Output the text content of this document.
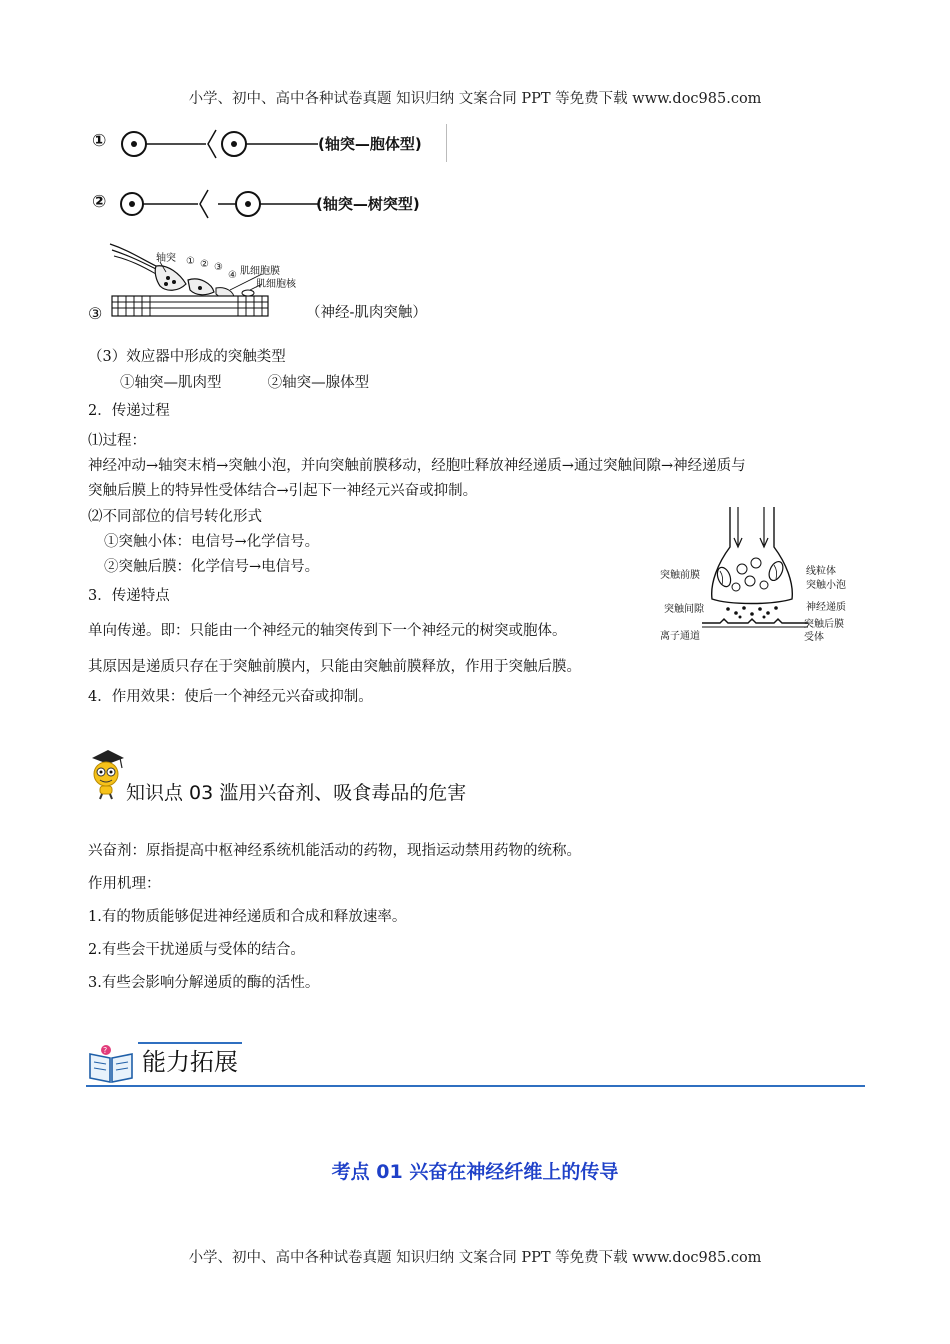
小学、初中、高中各种试卷真题 知识归纳 文案合同 PPT 等免费下载 www.doc985.com
小学、初中、高中各种试卷真题 知识归纳 文案合同 PPT 等免费下载 www.doc985.com
①	(轴突—胞体型)
②	(轴突—树突型)
③
轴突 ① ② ③
④ 肌细胞膜
肌细胞核
（神经-肌肉突触）
（3）效应器中形成的突触类型
①轴突—肌肉型          ②轴突—腺体型
2．传递过程
⑴过程：
神经冲动→轴突末梢→突触小泡，并向突触前膜移动，经胞吐释放神经递质→通过突触间隙→神经递质与
突触后膜上的特异性受体结合→引起下一神经元兴奋或抑制。
⑵不同部位的信号转化形式
①突触小体：电信号→化学信号。
②突触后膜：化学信号→电信号。
3．传递特点
单向传递。即：只能由一个神经元的轴突传到下一个神经元的树突或胞体。
其原因是递质只存在于突触前膜内，只能由突触前膜释放，作用于突触后膜。
4．作用效果：使后一个神经元兴奋或抑制。
突触前膜
突触间隙
离子通道
线粒体
突触小泡
神经递质
突触后膜
受体
知识点 03 滥用兴奋剂、吸食毒品的危害
兴奋剂：原指提高中枢神经系统机能活动的药物，现指运动禁用药物的统称。
作用机理：
1.有的物质能够促进神经递质和合成和释放速率。
2.有些会干扰递质与受体的结合。
3.有些会影响分解递质的酶的活性。
? 能力拓展
考点 01 兴奋在神经纤维上的传导
